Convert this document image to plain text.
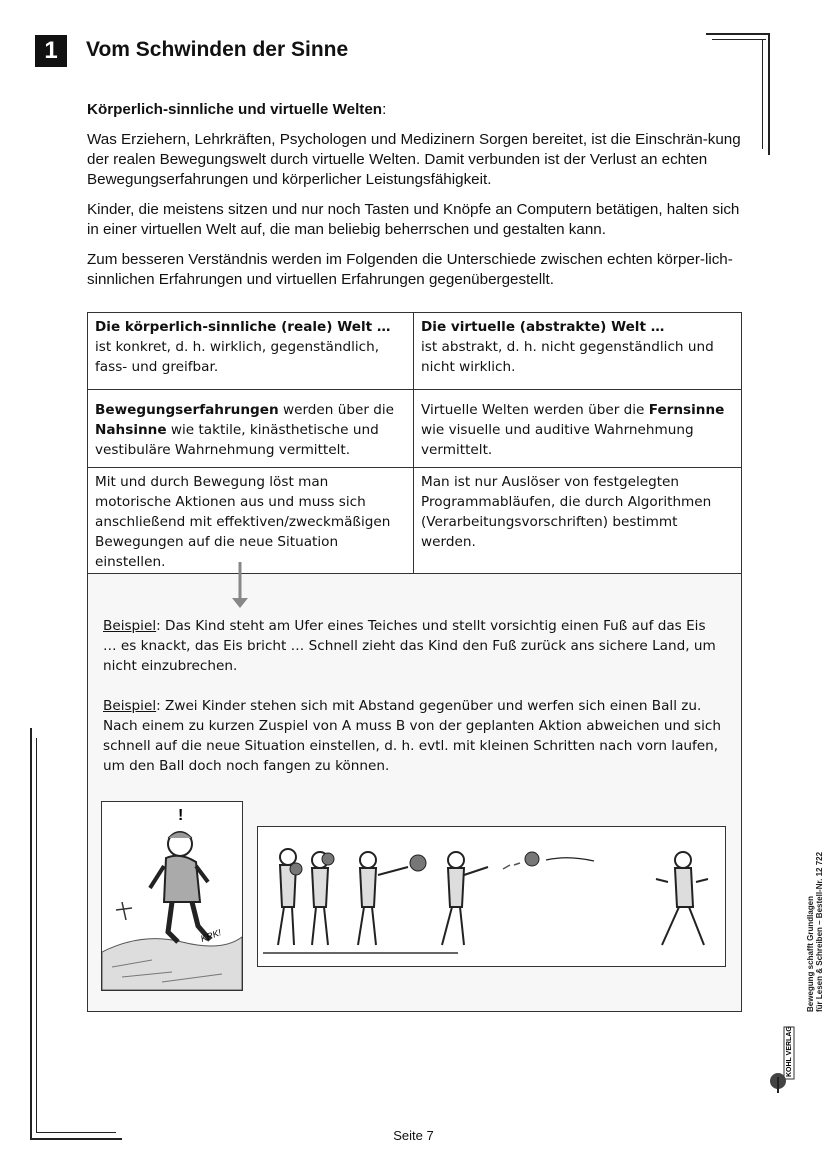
1	Vom Schwinden der Sinne

Körperlich-sinnliche und virtuelle Welten:

Was Erziehern, Lehrkräften, Psychologen und Medizinern Sorgen bereitet, ist die Einschrän-kung der realen Bewegungswelt durch virtuelle Welten. Damit verbunden ist der Verlust an echten Bewegungserfahrungen und körperlicher Leistungsfähigkeit.

Kinder, die meistens sitzen und nur noch Tasten und Knöpfe an Computern betätigen, halten sich in einer virtuellen Welt auf, die man beliebig beherrschen und gestalten kann.

Zum besseren Verständnis werden im Folgenden die Unterschiede zwischen echten körper-lich-sinnlichen Erfahrungen und virtuellen Erfahrungen gegenübergestellt.

Die körperlich-sinnliche (reale) Welt …
ist konkret, d. h. wirklich, gegenständlich, fass- und greifbar.
Die virtuelle (abstrakte) Welt …
ist abstrakt, d. h. nicht gegenständlich und nicht wirklich.
Bewegungserfahrungen werden über die Nahsinne wie taktile, kinästhetische und vestibuläre Wahrnehmung vermittelt.
Virtuelle Welten werden über die Fernsinne wie visuelle und auditive Wahrnehmung vermittelt.
Mit und durch Bewegung löst man motorische Aktionen aus und muss sich anschließend mit effektiven/zweckmäßigen Bewegungen auf die neue Situation einstellen.
Man ist nur Auslöser von festgelegten Programmabläufen, die durch Algorithmen (Verarbeitungsvorschriften) bestimmt werden.

Beispiel: Das Kind steht am Ufer eines Teiches und stellt vorsichtig einen Fuß auf das Eis … es knackt, das Eis bricht … Schnell zieht das Kind den Fuß zurück ans sichere Land, um nicht einzubrechen.

Beispiel: Zwei Kinder stehen sich mit Abstand gegenüber und werfen sich einen Ball zu. Nach einem zu kurzen Zuspiel von A muss B von der geplanten Aktion abweichen und sich schnell auf die neue Situation einstellen, d. h. evtl. mit kleinen Schritten nach vorn laufen, um den Ball doch noch fangen zu können.

!
KRK!	Bewegung schafft Grundlagen für Lesen & Schreiben – Bestell-Nr. 12 722
KOHL VERLAG
Seite 7
